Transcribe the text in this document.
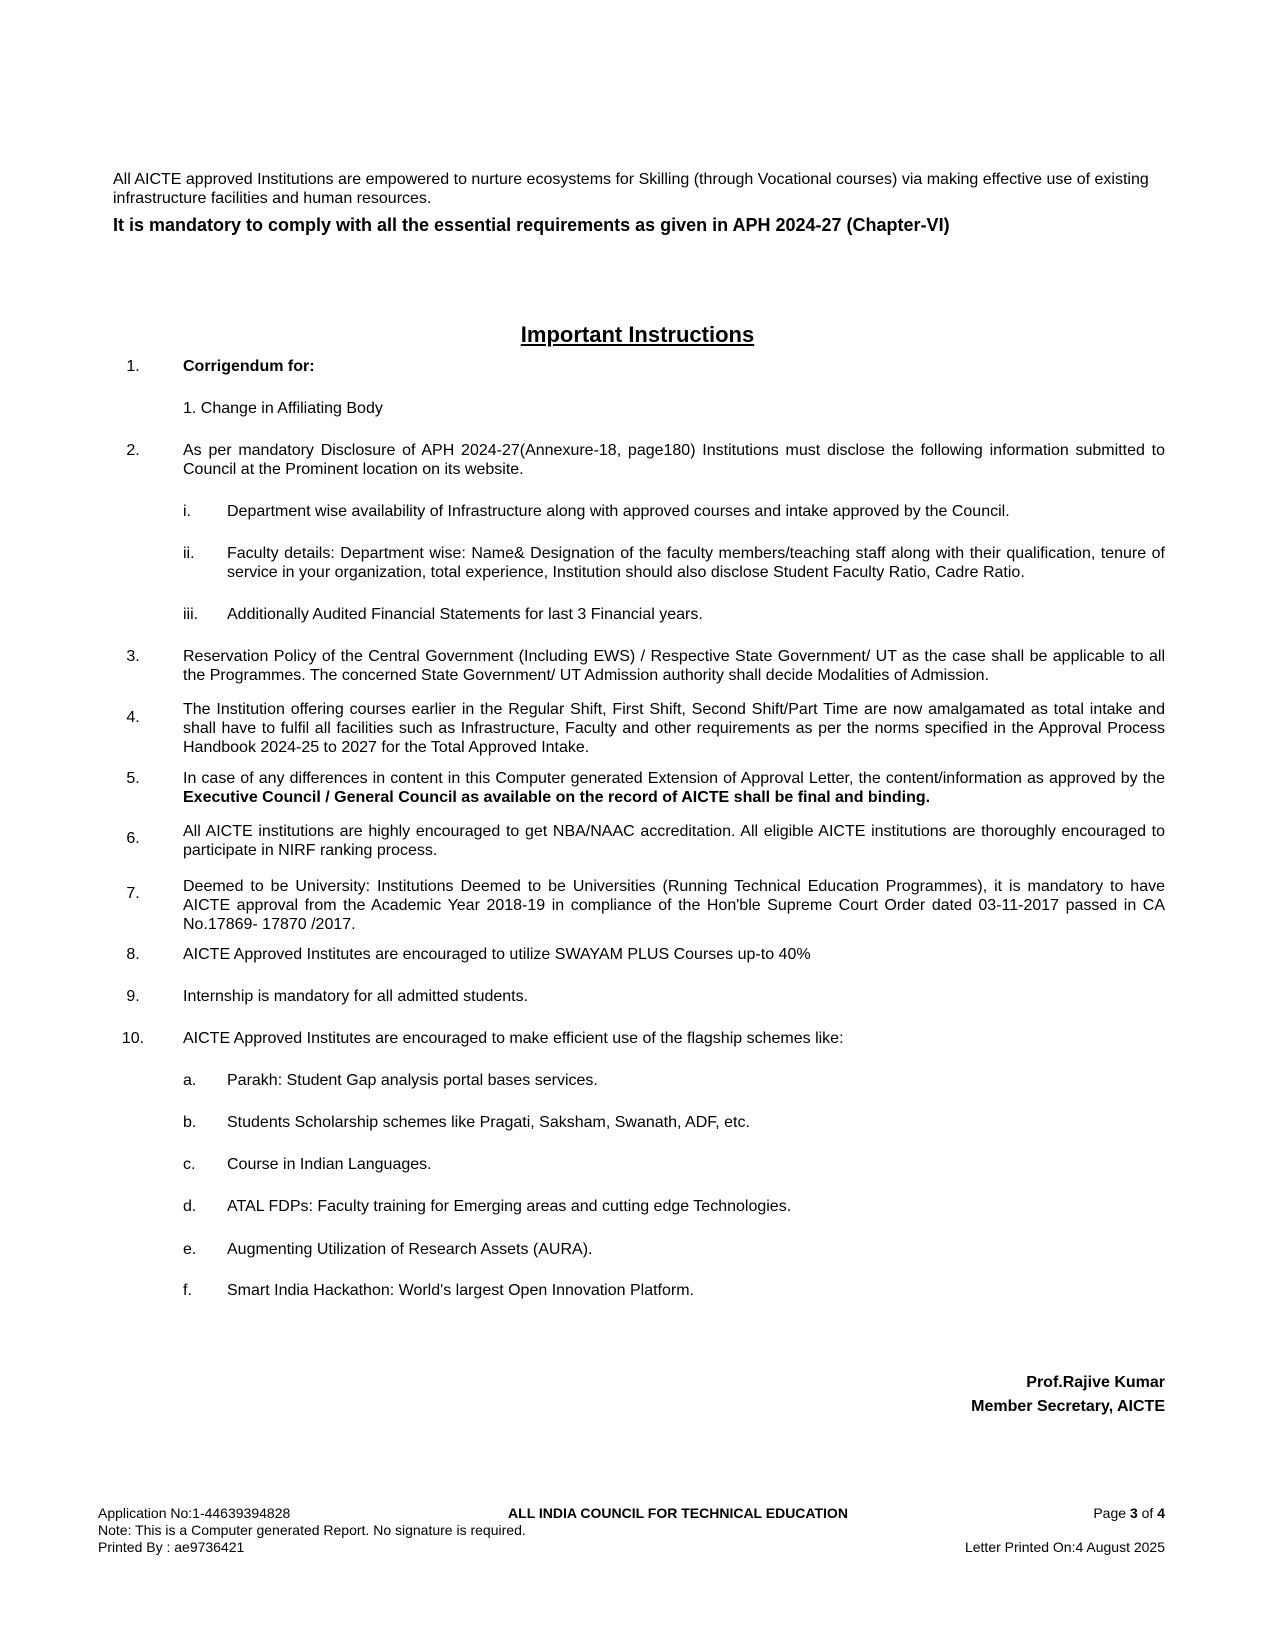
All AICTE approved Institutions are empowered to nurture ecosystems for Skilling (through Vocational courses) via making effective use of existing infrastructure facilities and human resources.
It is mandatory to comply with all the essential requirements as given in APH 2024-27 (Chapter-VI)
Important Instructions
1.	Corrigendum for:
1. Change in Affiliating Body
2.	As per mandatory Disclosure of APH 2024-27(Annexure-18, page180) Institutions must disclose the following information submitted to Council at the Prominent location on its website.
i.	Department wise availability of Infrastructure along with approved courses and intake approved by the Council.
ii.	Faculty details: Department wise: Name& Designation of the faculty members/teaching staff along with their qualification, tenure of service in your organization, total experience, Institution should also disclose Student Faculty Ratio, Cadre Ratio.
iii.	Additionally Audited Financial Statements for last 3 Financial years.
3.	Reservation Policy of the Central Government (Including EWS) / Respective State Government/ UT as the case shall be applicable to all the Programmes. The concerned State Government/ UT Admission authority shall decide Modalities of Admission.
4.	The Institution offering courses earlier in the Regular Shift, First Shift, Second Shift/Part Time are now amalgamated as total intake and shall have to fulfil all facilities such as Infrastructure, Faculty and other requirements as per the norms specified in the Approval Process Handbook 2024-25 to 2027 for the Total Approved Intake.
5.	In case of any differences in content in this Computer generated Extension of Approval Letter, the content/information as approved by the Executive Council / General Council as available on the record of AICTE shall be final and binding.
6.	All AICTE institutions are highly encouraged to get NBA/NAAC accreditation. All eligible AICTE institutions are thoroughly encouraged to participate in NIRF ranking process.
7.	Deemed to be University: Institutions Deemed to be Universities (Running Technical Education Programmes), it is mandatory to have AICTE approval from the Academic Year 2018-19 in compliance of the Hon'ble Supreme Court Order dated 03-11-2017 passed in CA No.17869- 17870 /2017.
8.	AICTE Approved Institutes are encouraged to utilize SWAYAM PLUS Courses up-to 40%
9.	Internship is mandatory for all admitted students.
10. AICTE Approved Institutes are encouraged to make efficient use of the flagship schemes like:
a.	Parakh: Student Gap analysis portal bases services.
b.	Students Scholarship schemes like Pragati, Saksham, Swanath, ADF, etc.
c.	Course in Indian Languages.
d.	ATAL FDPs: Faculty training for Emerging areas and cutting edge Technologies.
e.	Augmenting Utilization of Research Assets (AURA).
f.	Smart India Hackathon: World's largest Open Innovation Platform.
Prof.Rajive Kumar
Member Secretary, AICTE
Application No:1-44639394828	ALL INDIA COUNCIL FOR TECHNICAL EDUCATION	Page 3 of 4
Note: This is a Computer generated Report. No signature is required.
Printed By : ae9736421	Letter Printed On:4 August 2025
